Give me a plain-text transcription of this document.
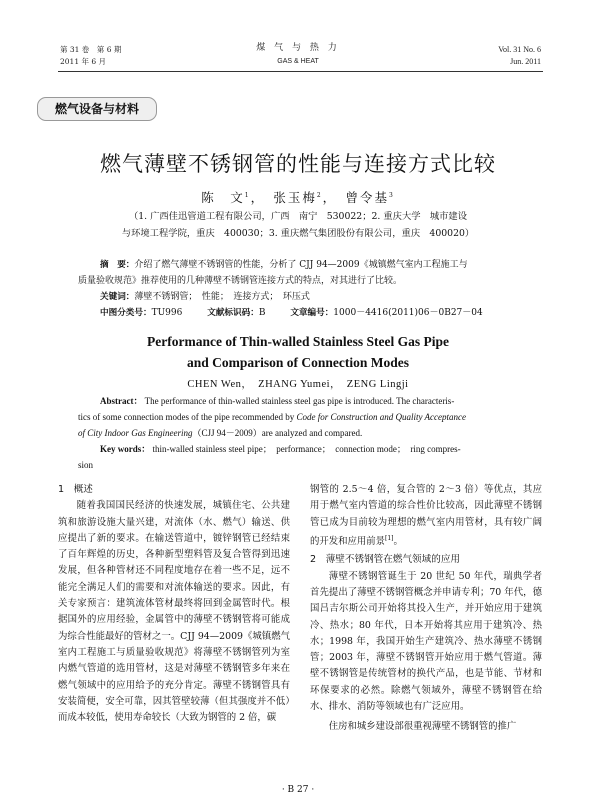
第 31 卷　第 6 期
2011 年 6 月
煤 气 与 热 力
GAS & HEAT
Vol. 31 No. 6
Jun. 2011
燃气设备与材料
燃气薄壁不锈钢管的性能与连接方式比较
陈　文$^1$，　张玉梅$^2$，　曾令基$^3$
（1. 广西佳迅管道工程有限公司，广西　南宁　530022；2. 重庆大学　城市建设
与环境工程学院，重庆　400030；3. 重庆燃气集团股份有限公司，重庆　400020）
摘　要：介绍了燃气薄壁不锈钢管的性能，分析了 CJJ 94—2009《城镇燃气室内工程施工与
质量验收规范》推荐使用的几种薄壁不锈钢管连接方式的特点，对其进行了比较。
关键词：薄壁不锈钢管；　性能；　连接方式；　环压式
中图分类号：TU996	文献标识码：B	文章编号：1000－4416(2011)06－0B27－04
Performance of Thin-walled Stainless Steel Gas Pipe
and Comparison of Connection Modes
CHEN Wen，　ZHANG Yumei，　ZENG Lingji
Abstract： The performance of thin-walled stainless steel gas pipe is introduced. The characteris-
tics of some connection modes of the pipe recommended by Code for Construction and Quality Acceptance
of City Indoor Gas Engineering（CJJ 94－2009）are analyzed and compared.
Key words： thin-walled stainless steel pipe；　performance；　connection mode；　ring compres-
sion

1　概述

随着我国国民经济的快速发展，城镇住宅、公共建筑和旅游设施大量兴建，对流体（水、燃气）输送、供应提出了新的要求。在输送管道中，镀锌钢管已经结束了百年辉煌的历史，各种新型塑料管及复合管得到迅速发展，但各种管材还不同程度地存在着一些不足，远不能完全满足人们的需要和对流体输送的要求。因此，有关专家预言：建筑流体管材最终将回到金属管时代。根据国外的应用经验，金属管中的薄壁不锈钢管将可能成为综合性能最好的管材之一。CJJ 94—2009《城镇燃气室内工程施工与质量验收规范》将薄壁不锈钢管列为室内燃气管道的选用管材，这是对薄壁不锈钢管多年来在燃气领域中的应用给予的充分肯定。薄壁不锈钢管具有安装简便，安全可靠，因其管壁较薄（但其强度并不低）而成本较低，使用寿命较长（大致为钢管的 2 倍，碳

钢管的 2.5～4 倍，复合管的 2～3 倍）等优点，其应用于燃气室内管道的综合性价比较高，因此薄壁不锈钢管已成为目前较为理想的燃气室内用管材，具有较广阔的开发和应用前景[1]。

2　薄壁不锈钢管在燃气领域的应用

薄壁不锈钢管诞生于 20 世纪 50 年代，瑞典学者首先提出了薄壁不锈钢管概念并申请专利；70 年代，德国吕吉尔斯公司开始将其投入生产，并开始应用于建筑冷、热水；80 年代，日本开始将其应用于建筑冷、热水；1998 年，我国开始生产建筑冷、热水薄壁不锈钢管；2003 年，薄壁不锈钢管开始应用于燃气管道。薄壁不锈钢管是传统管材的换代产品，也是节能、节材和环保要求的必然。除燃气领域外，薄壁不锈钢管在给水、排水、消防等领域也有广泛应用。

住房和城乡建设部很重视薄壁不锈钢管的推广

· B 27 ·
